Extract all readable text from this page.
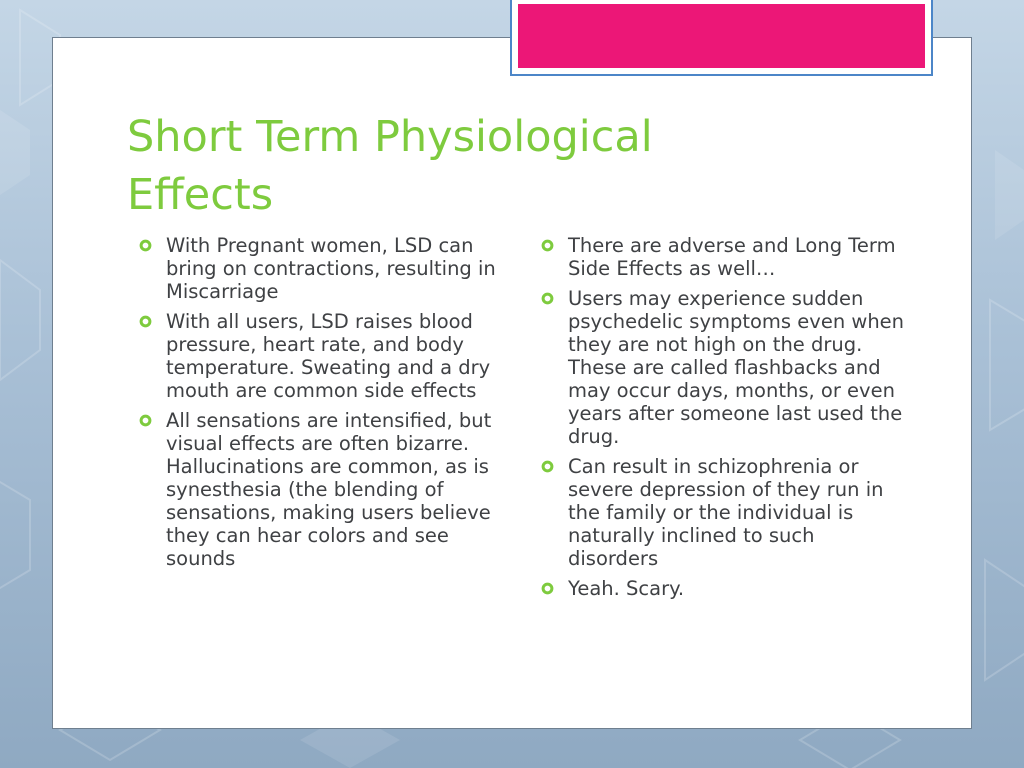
Short Term Physiological Effects
With Pregnant women, LSD can bring on contractions, resulting in Miscarriage
With all users, LSD raises blood pressure, heart rate, and body temperature. Sweating and a dry mouth are common side effects
All sensations are intensified, but visual effects are often bizarre. Hallucinations are common, as is synesthesia (the blending of sensations, making users believe they can hear colors and see sounds
There are adverse and Long Term Side Effects as well…
Users may experience sudden psychedelic symptoms even when they are not high on the drug. These are called flashbacks and may occur days, months, or even years after someone last used the drug.
Can result in schizophrenia or severe depression of they run in the family or the individual is naturally inclined to such disorders
Yeah. Scary.
